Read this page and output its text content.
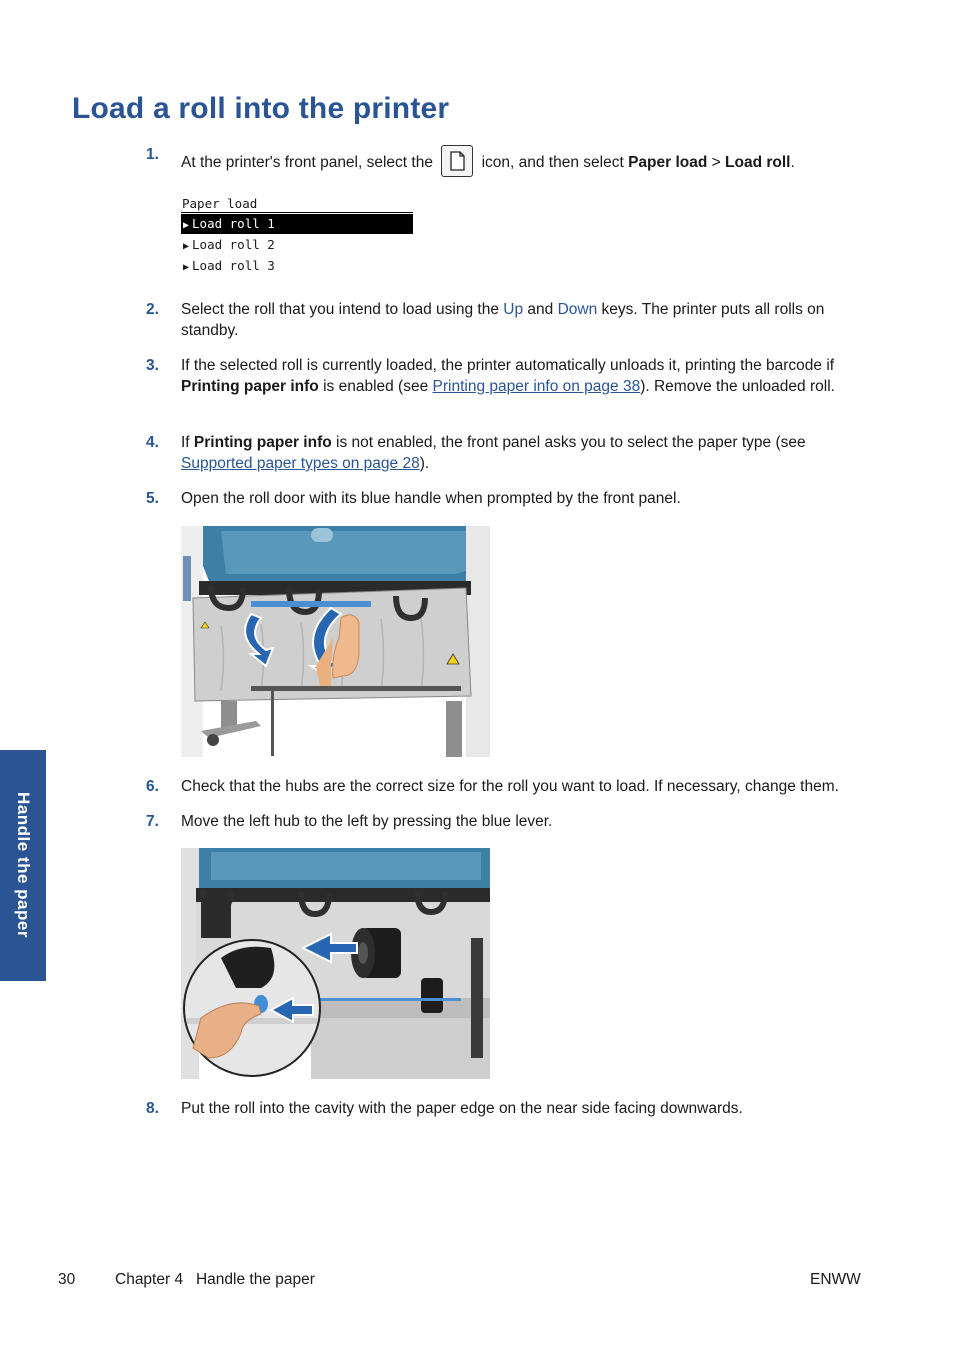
Load a roll into the printer
1.	At the printer's front panel, select the	icon, and then select Paper load > Load roll.
Paper load
▶ Load roll 1
▶ Load roll 2
▶ Load roll 3
2.	Select the roll that you intend to load using the Up and Down keys. The printer puts all rolls on standby.
3.	If the selected roll is currently loaded, the printer automatically unloads it, printing the barcode if Printing paper info is enabled (see Printing paper info on page 38). Remove the unloaded roll.
4.	If Printing paper info is not enabled, the front panel asks you to select the paper type (see Supported paper types on page 28).
5.	Open the roll door with its blue handle when prompted by the front panel.
6.	Check that the hubs are the correct size for the roll you want to load. If necessary, change them.
7.	Move the left hub to the left by pressing the blue lever.
8.	Put the roll into the cavity with the paper edge on the near side facing downwards.
Handle the paper
30	Chapter 4   Handle the paper	ENWW
